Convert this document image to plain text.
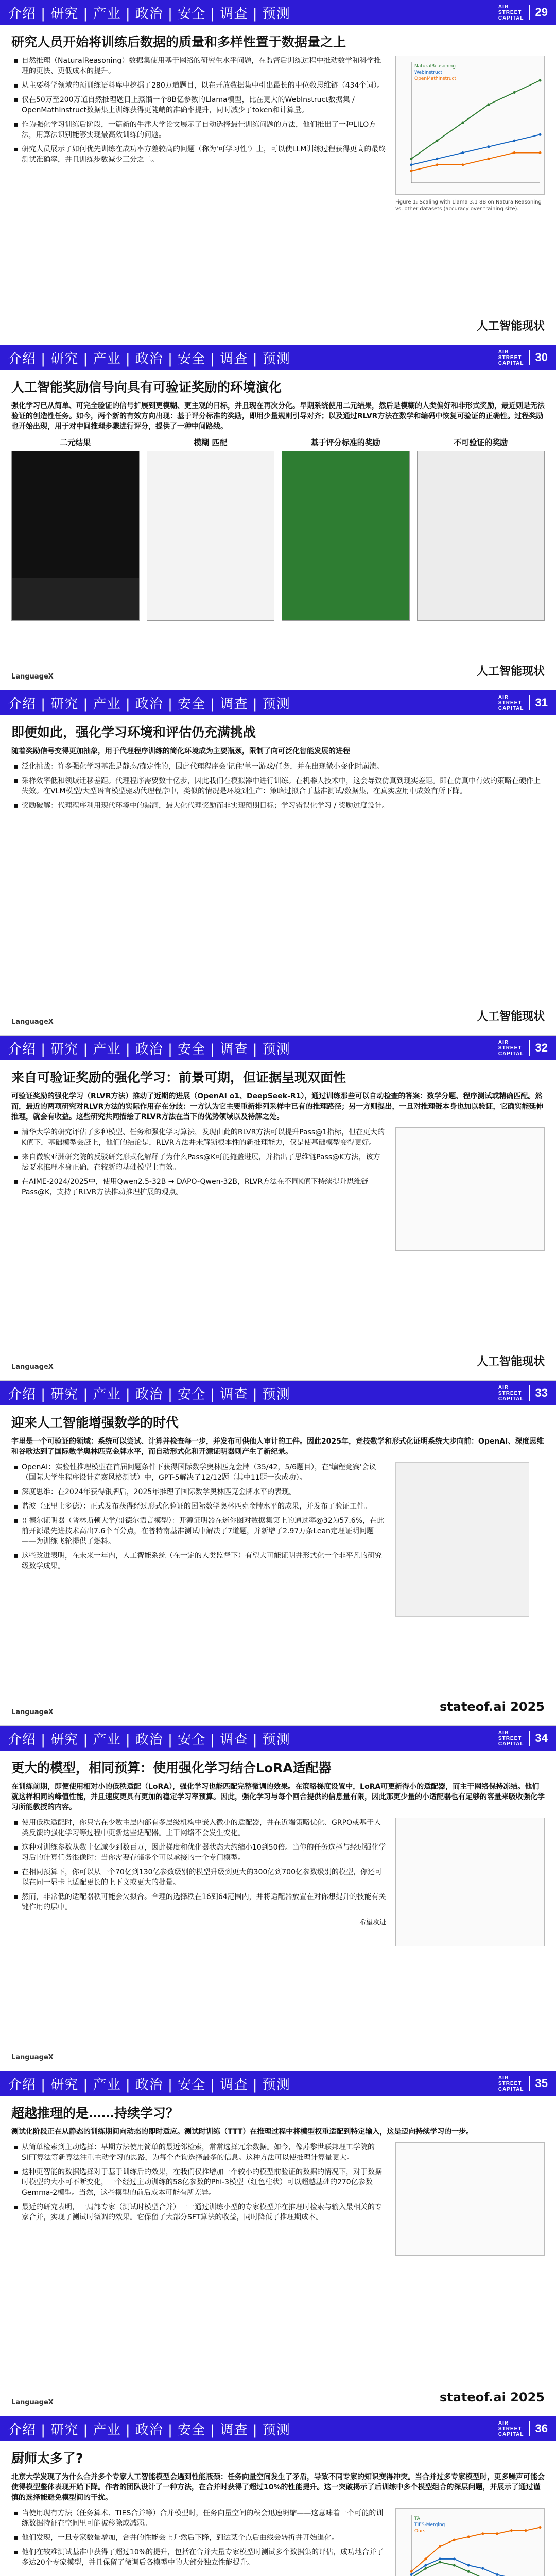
介绍 | 研究 | 产业 | 政治 | 安全 | 调查 | 预测	AIR
STREET
CAPITAL 29
研究人员开始将训练后数据的质量和多样性置于数据量之上
▪ 自然推理（NaturalReasoning）数据集使用基于网络的研究生水平问题，在监督后训练过程中推动数学和科学推理的更快、更低成本的提升。
▪ 从主要科学领域的预训练语料库中挖掘了280万道题目，以在开放数据集中引出最长的中位数思维链（434个词）。
▪ 仅在50万至200万道自然推理题目上蒸馏一个8B亿参数的Llama模型，比在更大的WebInstruct数据集 / OpenMathInstruct数据集上训练获得更陡峭的准确率提升，同时减少了token和计算量。
▪ 作为强化学习训练后阶段，一篇新的牛津大学论文展示了自动选择最佳训练问题的方法，他们推出了一种LILO方法，用算法识别能够实现最高效训练的问题。
▪ 研究人员展示了如何优先训练在成功率方差较高的问题（称为'可学习性'）上，可以使LLM训练过程获得更高的最终测试准确率，并且训练步数减少三分之二。
NaturalReasoning
WebInstruct
OpenMathInstruct
Figure 1: Scaling with Llama 3.1 8B on NaturalReasoning vs. other datasets (accuracy over training size).
人工智能现状
介绍 | 研究 | 产业 | 政治 | 安全 | 调查 | 预测	AIR
STREET
CAPITAL 30
人工智能奖励信号向具有可验证奖励的环境演化

强化学习已从简单、可完全验证的信号扩展到更模糊、更主观的目标，并且现在再次分化。早期系统使用二元结果，然后是模糊的人类偏好和非形式奖励，最近则是无法验证的创造性任务。如今，两个新的有效方向出现：基于评分标准的奖励，即用少量规则引导对齐；以及通过RLVR方法在数学和编码中恢复可验证的正确性。过程奖励也开始出现，用于对中间推理步骤进行评分，提供了一种中间路线。

二元结果	模糊 匹配	基于评分标准的奖励	不可验证的奖励
LanguageX	人工智能现状
介绍 | 研究 | 产业 | 政治 | 安全 | 调查 | 预测	AIR
STREET
CAPITAL 31
即便如此，强化学习环境和评估仍充满挑战

随着奖励信号变得更加抽象，用于代理程序训练的简化环境成为主要瓶颈，限制了向可泛化智能发展的进程

▪ 泛化挑战：许多强化学习基准是静态/确定性的，因此代理程序会'记住'单一游戏/任务，并在出现微小变化时崩溃。
▪ 采样效率低和领域迁移差距。代理程序需要数十亿步，因此我们在模拟器中进行训练。在机器人技术中，这会导致仿真到现实差距。即在仿真中有效的策略在硬件上失效。在VLM模型/大型语言模型驱动代理程序中，类似的情况是环境到生产：策略过拟合于基准测试/数据集，在真实应用中成效有所下降。
▪ 奖励破解：代理程序利用现代环境中的漏洞，最大化代理奖励而非实现预期目标；学习错误化学习 / 奖励过度设计。
LanguageX	人工智能现状
介绍 | 研究 | 产业 | 政治 | 安全 | 调查 | 预测	AIR
STREET
CAPITAL 32
来自可验证奖励的强化学习：前景可期，但证据呈现双面性

可验证奖励的强化学习（RLVR方法）推动了近期的进展（OpenAI o1、DeepSeek-R1），通过训练那些可以自动检查的答案：数学分题、程序测试或精确匹配。然而，最近的两项研究对RLVR方法的实际作用存在分歧：一方认为它主要重新排列采样中已有的推理路径；另一方则提出，一旦对推理链本身也加以验证，它确实能延伸推理，就会有收益。这些研究共同描绘了RLVR方法在当下的优势领域以及待解之处。

▪ 清华大学的研究评估了多种模型、任务和强化学习算法，发现由此的RLVR方法可以提升Pass@1指标，但在更大的K值下，基础模型会赶上，他们的结论是，RLVR方法并未解锁根本性的新推理能力，仅是使基础模型变得更好。
▪ 来自微软亚洲研究院的反驳研究形式化解释了为什么Pass@K可能掩盖进展，并指出了思维链Pass@K方法，该方法要求推理本身正确，在较新的基础模型上有效。
▪ 在AIME-2024/2025中，使用Qwen2.5-32B → DAPO-Qwen-32B，RLVR方法在不同K值下持续提升思维链Pass@K，支持了RLVR方法推动推理扩展的观点。
LanguageX	人工智能现状
介绍 | 研究 | 产业 | 政治 | 安全 | 调查 | 预测	AIR
STREET
CAPITAL 33
迎来人工智能增强数学的时代

字里是一个可验证的领域：系统可以尝试、计算并检查每一步，并发布可供他人审计的工件。因此2025年，竞技数学和形式化证明系统大步向前：OpenAI、深度思维和谷歌达到了国际数学奥林匹克金牌水平，而自动形式化和开源证明器则产生了新纪录。

▪ OpenAI：实验性推理模型在首届问题条件下获得国际数学奥林匹克金牌（35/42，5/6题目），在'编程竞赛'会议（国际大学生程序设计竞赛风格测试）中，GPT-5解决了12/12题（其中11题一次成功）。
▪ 深度思维：在2024年获得银牌后，2025年推理了国际数学奥林匹克金牌水平的表现。
▪ 谐波（亚里士多德）：正式发布获得经过形式化验证的国际数学奥林匹克金牌水平的成果，并发布了验证工件。
▪ 哥德尔证明器（普林斯顿大学/哥德尔语言模型）：开源证明器在迷你图对数据集第上的通过率@32为57.6%，在此前开源最先进技术高出7.6个百分点，在普特南基准测试中解决了7道题，并新增了2.97万条Lean定理证明问题——为训练飞轮提供了燃料。
▪ 这些改进表明，在未来一年内，人工智能系统（在一定的人类监督下）有望大可能证明并形式化一个非平凡的研究级数学成果。
LanguageX	stateof.ai 2025
介绍 | 研究 | 产业 | 政治 | 安全 | 调查 | 预测	AIR
STREET
CAPITAL 34
更大的模型，相同预算：使用强化学习结合LoRA适配器

在训练前期，即便使用相对小的低秩适配（LoRA），强化学习也能匹配完整微调的效果。在策略梯度设置中，LoRA可更新得小的适配器，而主干网络保持冻结。他们就这样相同的峰值性能，并且速度更具有更加的稳定学习率预算。因此，强化学习与每个回合提供的信息量有限，因此那更少量的小适配器也有足够的容量来吸收强化学习所能教授的内容。

▪ 使用低秩适配时，你只需在少数主层内部有多层级机构中嵌入微小的适配器，并在近端策略优化、GRPO或基于人类反馈的强化学习等过程中更新这些适配器。主干网络不会发生变化。
▪ 这种对训练参数从数十亿减少到数百万，因此梯度和优化器状态大约缩小10到50倍。当你的任务选择与经过强化学习后的计算任务很像时：当你需要存储多个可以承接的一个专门模型。
▪ 在相同预算下，你可以从一个70亿到130亿参数级别的模型升级到更大的300亿到700亿参数级别的模型，你还可以在同一显卡上适配更长的上下文或更大的批量。
▪ 然而，非常低的适配器秩可能会欠拟合。合理的选择秩在16到64范围内，并将适配器放置在对你想提升的技能有关键作用的层中。
希望攻进
LanguageX
介绍 | 研究 | 产业 | 政治 | 安全 | 调查 | 预测	AIR
STREET
CAPITAL 35
超越推理的是……持续学习？

测试化阶段正在从静态的训练期间向动态的即时适应。测试时训练（TTT）在推理过程中将模型权重适配到特定输入，这是迈向持续学习的一步。

▪ 从简单检索到主动选择：早期方法使用简单的最近邻检索，常常选择冗余数据。如今，像苏黎世联邦理工学院的SIFT算法等新算法注重主动学习的思路，为每个查询选择最多的信息。这种方法可以使推理计算量更大。
▪ 这种更智能的数据选择对于基于训练后的效果，在我们仅推增加一个较小的模型前验证的数据的情况下，对于数据时模型的大小可不断变化，一个经过主动训练的58亿参数的Phi-3模型（红色柱状）可以超越基础的270亿参数Gemma-2模型。当然，这些模型的前后成本可能有所差异。
▪ 最近的研究表明，一局部专家（测试时模型合并）一一通过训练小型的专家模型并在推理时检索与输入最相关的专家合并，实现了测试时微调的效果。它保留了大部分SFT算法的收益，同时降低了推理期成本。
LanguageX	stateof.ai 2025
介绍 | 研究 | 产业 | 政治 | 安全 | 调查 | 预测	AIR
STREET
CAPITAL 36
厨师太多了?

北京大学发现了为什么合并多个专家人工智能模型会遇到性能瓶颈：任务向量空间发生了矛盾，导致不同专家的知识变得冲突。当合并过多专家模型时，更多噪声可能会使得模型整体表现开始下降。作者的团队设计了一种方法，在合并时获得了超过10%的性能提升。这一突破揭示了后训练中多个模型组合的深层问题，并展示了通过谨慎的选择能避免模型间的干扰。

▪ 当使用现有方法（任务算术、TIES合并等）合并模型时，任务向量空间的秩会迅速坍缩——这意味着一个可能的训练数据特征在空间里可能被移除或减弱。
▪ 他们发现，一旦专家数量增加，合并的性能会上升然后下降，到达某个点后曲线会转折并开始退化。
▪ 他们在较难测试基准中获得了超过10%的提升，包括在合并大量专家模型时测试多个数据集的评估，成功地合并了多达20个专家模型，并且保留了微调后各模型中的大部分独立性能提升。
TA
TIES-Merging
Ours
